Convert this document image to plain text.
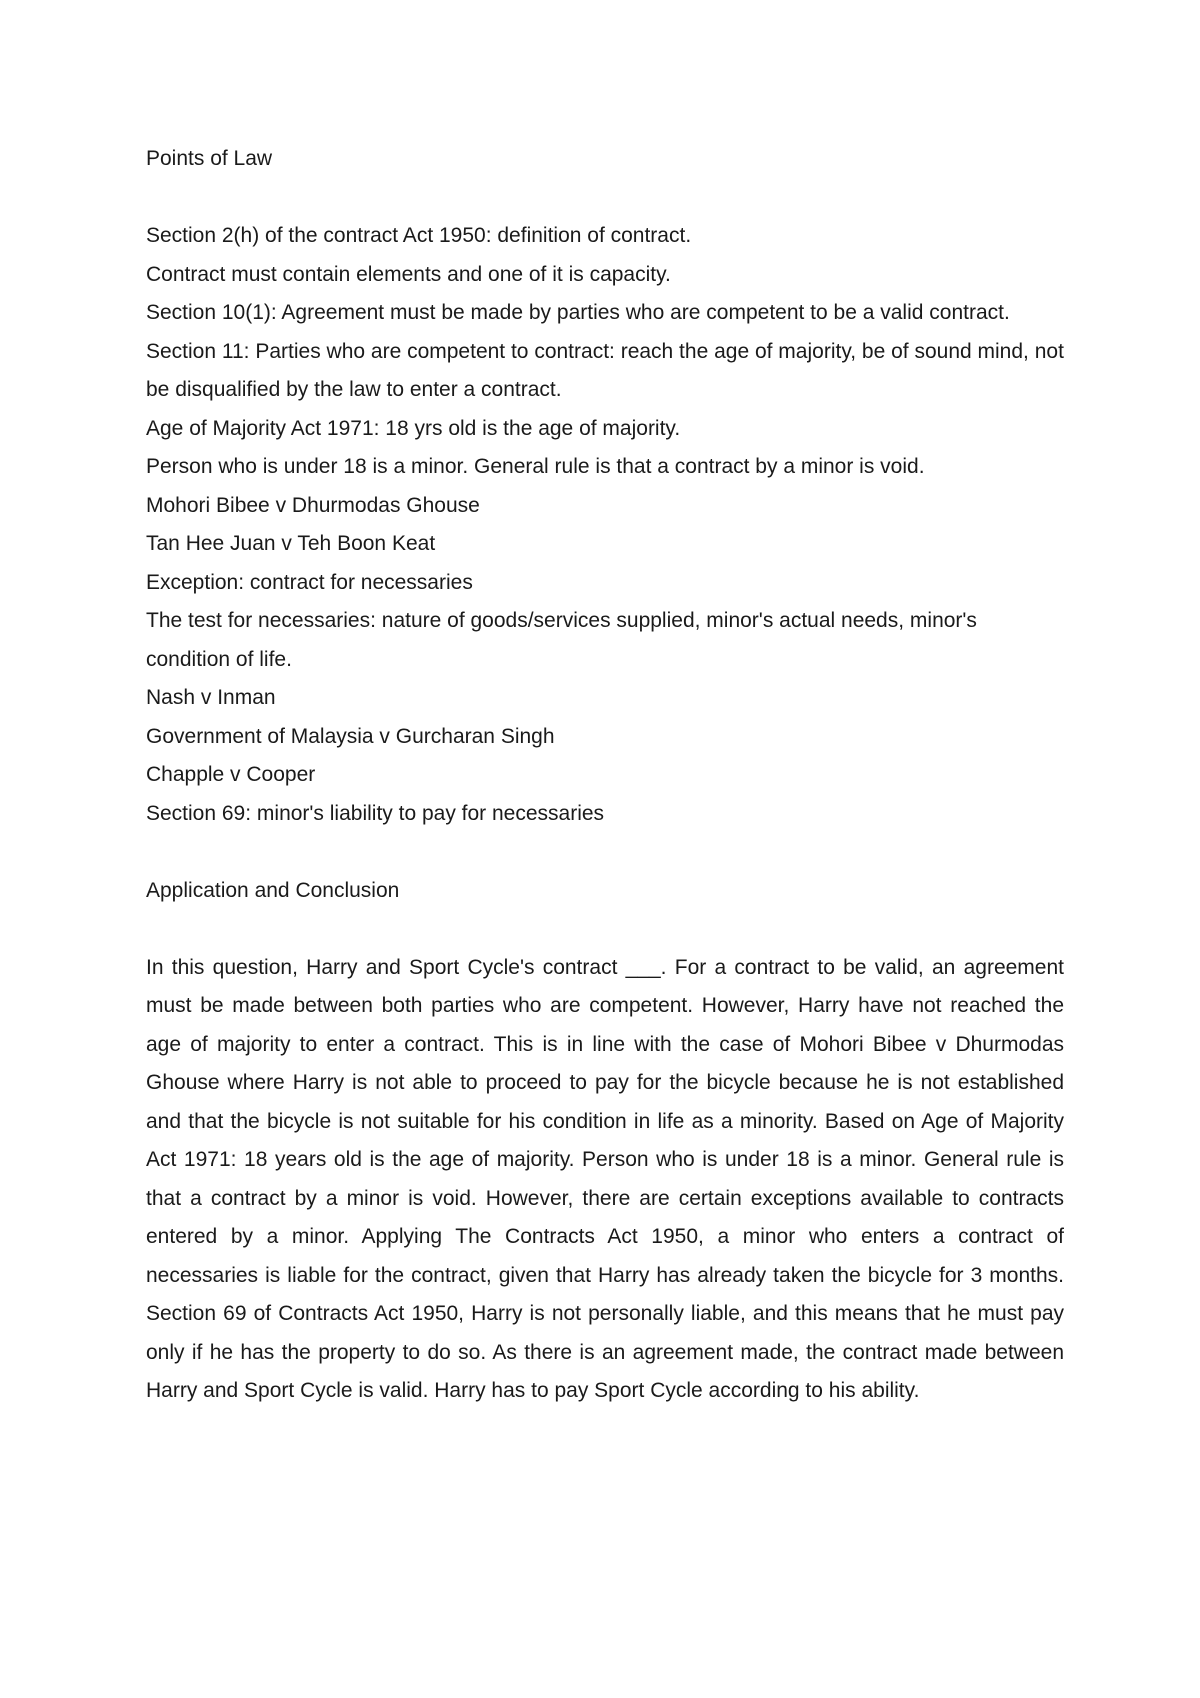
Points of Law

Section 2(h) of the contract Act 1950: definition of contract.

Contract must contain elements and one of it is capacity.

Section 10(1): Agreement must be made by parties who are competent to be a valid contract.

Section 11: Parties who are competent to contract: reach the age of majority, be of sound mind, not be disqualified by the law to enter a contract.

Age of Majority Act 1971: 18 yrs old is the age of majority.

Person who is under 18 is a minor. General rule is that a contract by a minor is void.

Mohori Bibee v Dhurmodas Ghouse

Tan Hee Juan v Teh Boon Keat

Exception: contract for necessaries

The test for necessaries: nature of goods/services supplied, minor's actual needs, minor's condition of life.

Nash v Inman

Government of Malaysia v Gurcharan Singh

Chapple v Cooper

Section 69: minor's liability to pay for necessaries

Application and Conclusion

In this question, Harry and Sport Cycle's contract ___. For a contract to be valid, an agreement must be made between both parties who are competent. However, Harry have not reached the age of majority to enter a contract. This is in line with the case of Mohori Bibee v Dhurmodas Ghouse where Harry is not able to proceed to pay for the bicycle because he is not established and that the bicycle is not suitable for his condition in life as a minority. Based on Age of Majority Act 1971: 18 years old is the age of majority. Person who is under 18 is a minor. General rule is that a contract by a minor is void. However, there are certain exceptions available to contracts entered by a minor. Applying The Contracts Act 1950, a minor who enters a contract of necessaries is liable for the contract, given that Harry has already taken the bicycle for 3 months. Section 69 of Contracts Act 1950, Harry is not personally liable, and this means that he must pay only if he has the property to do so. As there is an agreement made, the contract made between Harry and Sport Cycle is valid. Harry has to pay Sport Cycle according to his ability.
